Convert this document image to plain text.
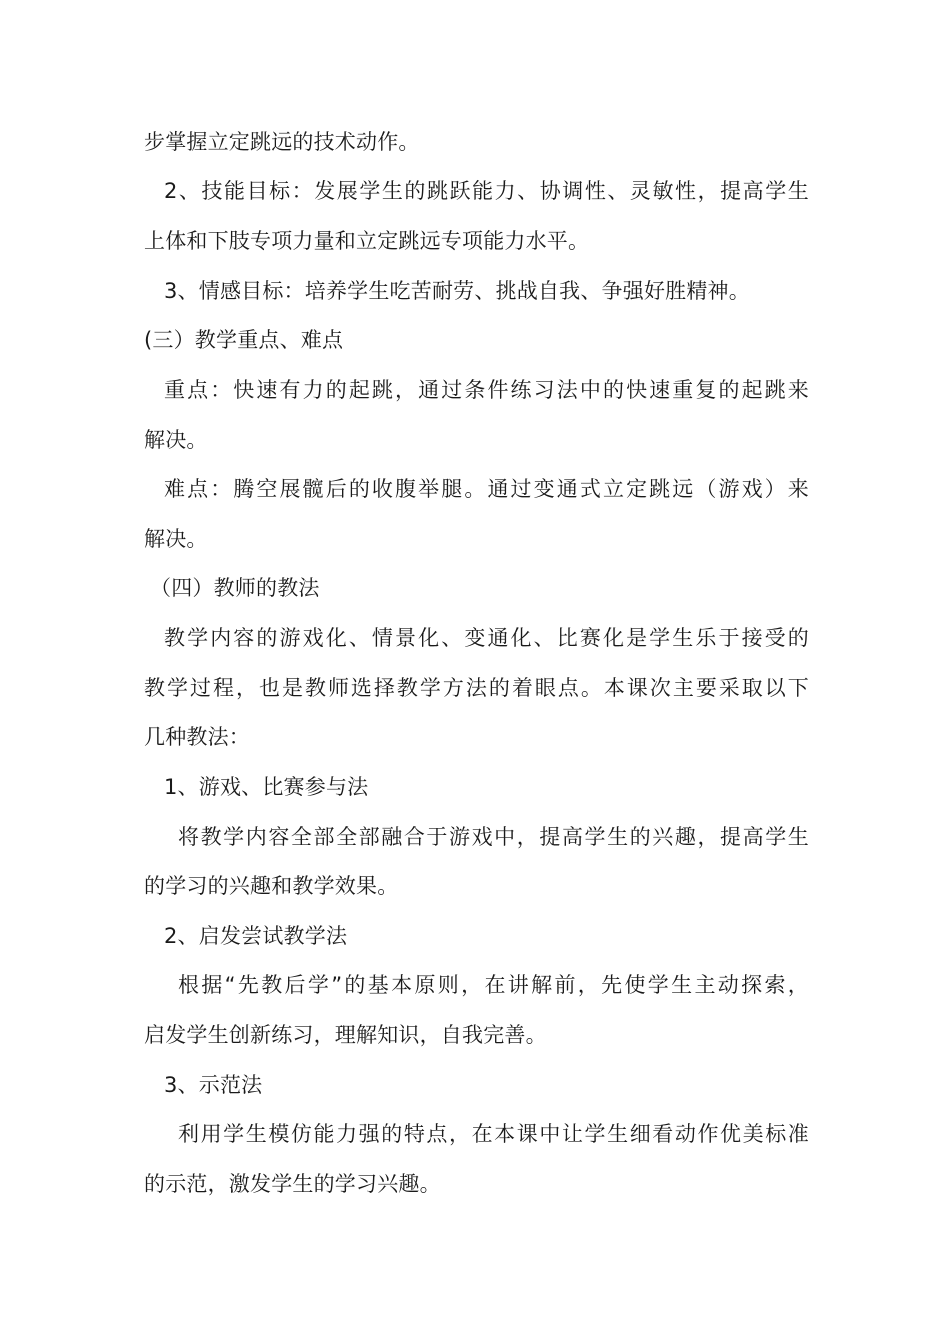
步掌握立定跳远的技术动作。
2、技能目标：发展学生的跳跃能力、协调性、灵敏性，提高学生
上体和下肢专项力量和立定跳远专项能力水平。
3、情感目标：培养学生吃苦耐劳、挑战自我、争强好胜精神。
(三）教学重点、难点
重点：快速有力的起跳，通过条件练习法中的快速重复的起跳来
解决。
难点：腾空展髋后的收腹举腿。通过变通式立定跳远（游戏）来
解决。
（四）教师的教法
教学内容的游戏化、情景化、变通化、比赛化是学生乐于接受的
教学过程，也是教师选择教学方法的着眼点。本课次主要采取以下
几种教法：
1、游戏、比赛参与法
将教学内容全部全部融合于游戏中，提高学生的兴趣，提高学生
的学习的兴趣和教学效果。
2、启发尝试教学法
根据“先教后学”的基本原则，在讲解前，先使学生主动探索，
启发学生创新练习，理解知识，自我完善。
3、示范法
利用学生模仿能力强的特点，在本课中让学生细看动作优美标准
的示范，激发学生的学习兴趣。
